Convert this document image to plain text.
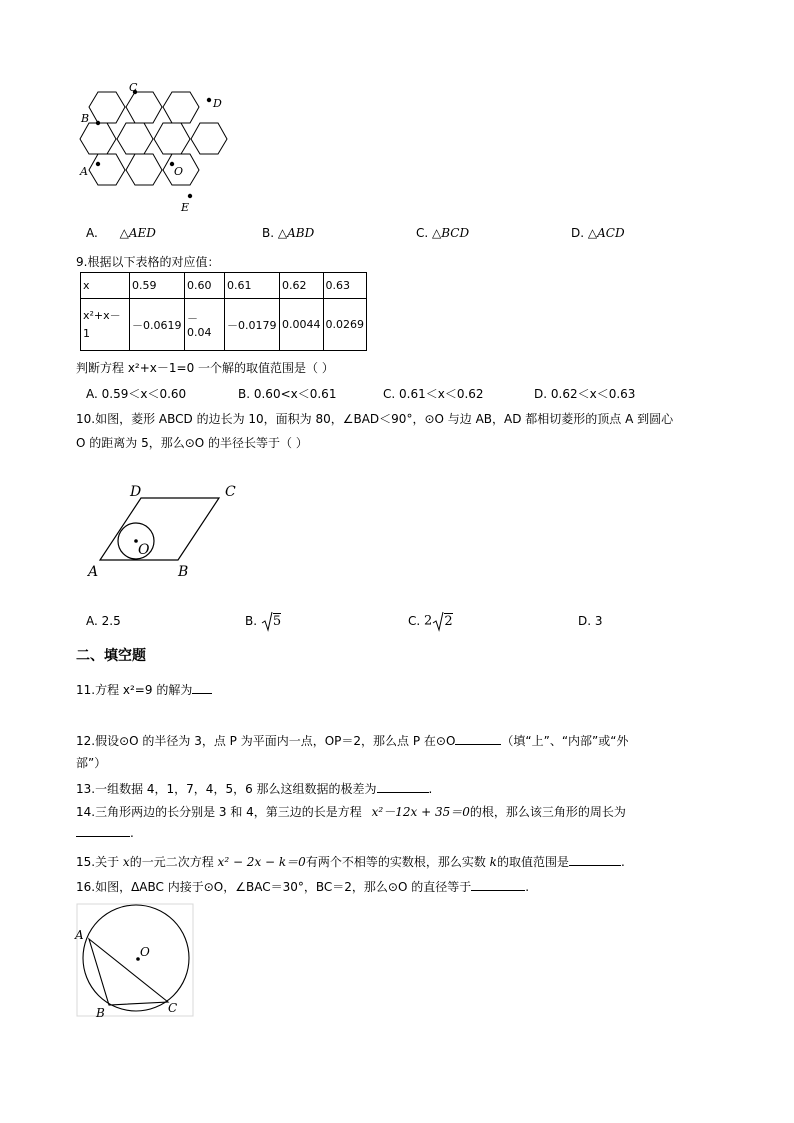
B
C
D
A	O
E
A. △AED	B. △ABD	C. △BCD	D. △ACD
9.根据以下表格的对应值：
x	0.59	0.60	0.61	0.62	0.63
x²+x－1	－0.0619	－0.04	－0.0179	0.0044	0.0269
判断方程 x²+x－1=0 一个解的取值范围是（ ）
A. 0.59＜x＜0.60	B. 0.60<x＜0.61	C. 0.61＜x＜0.62	D. 0.62＜x＜0.63
10.如图，菱形 ABCD 的边长为 10，面积为 80，∠BAD＜90°，⊙O 与边 AB，AD 都相切菱形的顶点 A 到圆心
O 的距离为 5，那么⊙O 的半径长等于（ ）
A	B
C
D
O
A. 2.5	B. 5	C. 2 2	D. 3
二、填空题
11.方程 x²=9 的解为
12.假设⊙O 的半径为 3，点 P 为平面内一点，OP＝2，那么点 P 在⊙O	（填“上”、“内部”或“外
部”）
13.一组数据 4，1，7，4，5，6 那么这组数据的极差为	.
14.三角形两边的长分别是 3 和 4，第三边的长是方程 x²－12x + 35＝0的根，那么该三角形的周长为
.
15.关于 x的一元二次方程 x² − 2x − k＝0有两个不相等的实数根，那么实数 k的取值范围是	.
16.如图，ΔABC 内接于⊙O，∠BAC＝30°，BC＝2，那么⊙O 的直径等于	.
A
B	C
O
